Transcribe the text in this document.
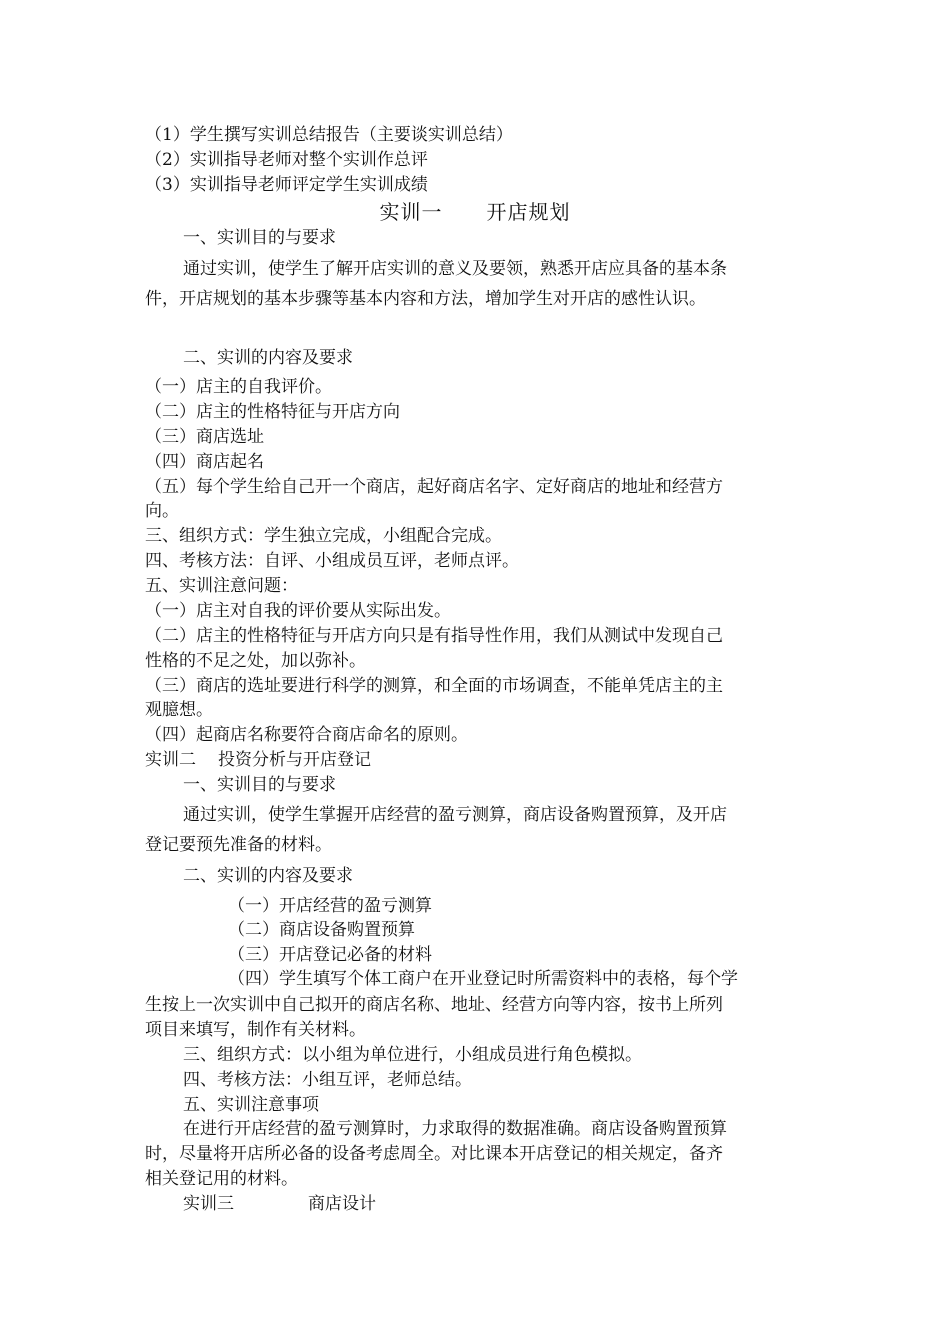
（1）学生撰写实训总结报告（主要谈实训总结）
（2）实训指导老师对整个实训作总评
（3）实训指导老师评定学生实训成绩
实训一 开店规划
一、实训目的与要求
通过实训，使学生了解开店实训的意义及要领，熟悉开店应具备的基本条
件，开店规划的基本步骤等基本内容和方法，增加学生对开店的感性认识。
二、实训的内容及要求
（一）店主的自我评价。
（二）店主的性格特征与开店方向
（三）商店选址
（四）商店起名
（五）每个学生给自己开一个商店，起好商店名字、定好商店的地址和经营方
向。
三、组织方式：学生独立完成，小组配合完成。
四、考核方法：自评、小组成员互评，老师点评。
五、实训注意问题：
（一）店主对自我的评价要从实际出发。
（二）店主的性格特征与开店方向只是有指导性作用，我们从测试中发现自己
性格的不足之处，加以弥补。
（三）商店的选址要进行科学的测算，和全面的市场调查，不能单凭店主的主
观臆想。
（四）起商店名称要符合商店命名的原则。
实训二 投资分析与开店登记
一、实训目的与要求
通过实训，使学生掌握开店经营的盈亏测算，商店设备购置预算，及开店
登记要预先准备的材料。
二、实训的内容及要求
（一）开店经营的盈亏测算
（二）商店设备购置预算
（三）开店登记必备的材料
（四）学生填写个体工商户在开业登记时所需资料中的表格，每个学
生按上一次实训中自己拟开的商店名称、地址、经营方向等内容，按书上所列
项目来填写，制作有关材料。
三、组织方式：以小组为单位进行，小组成员进行角色模拟。
四、考核方法：小组互评，老师总结。
五、实训注意事项
在进行开店经营的盈亏测算时，力求取得的数据准确。商店设备购置预算
时，尽量将开店所必备的设备考虑周全。对比课本开店登记的相关规定，备齐
相关登记用的材料。
实训三	商店设计
